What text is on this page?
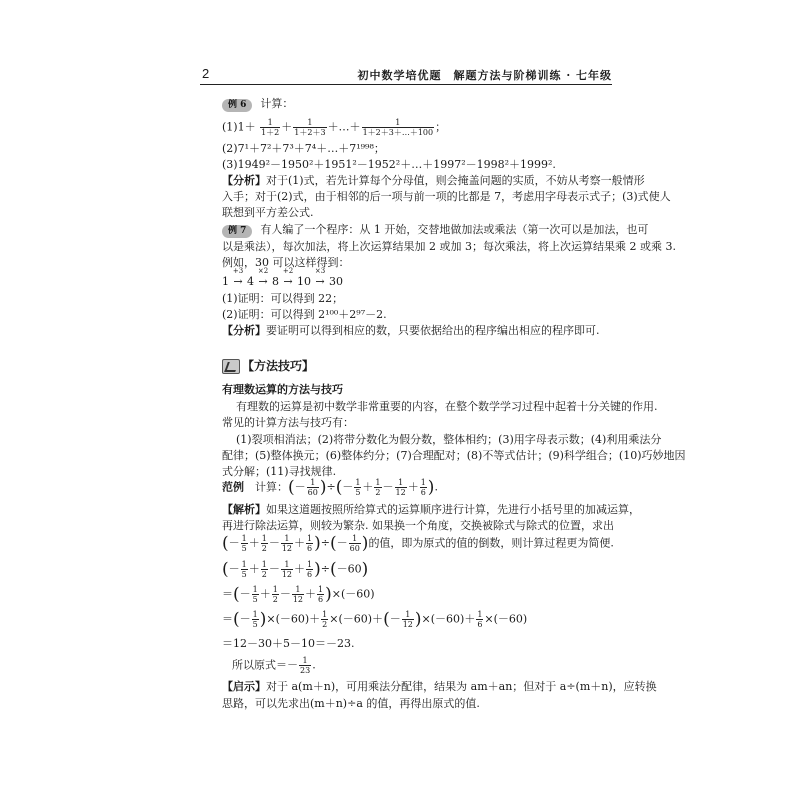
2	初中数学培优题　解题方法与阶梯训练 · 七年级
例 6 计算：
$(1)1+ \frac{1}{1+2} + \frac{1}{1+2+3}$ ＋…＋ $\frac{1}{1+2+3+\dots+100}$ ；
(2)7¹＋7²＋7³＋7⁴＋…＋7¹⁹⁹⁸；
(3)1949²－1950²＋1951²－1952²＋…＋1997²－1998²＋1999².
【分析】对于(1)式，若先计算每个分母值，则会掩盖问题的实质，不妨从考察一般情形
入手；对于(2)式，由于相邻的后一项与前一项的比都是 7，考虑用字母表示式子；(3)式使人
联想到平方差公式.
例 7 有人编了一个程序：从 1 开始，交替地做加法或乘法（第一次可以是加法，也可
以是乘法），每次加法，将上次运算结果加 2 或加 3；每次乘法，将上次运算结果乘 2 或乘 3.
例如，30 可以这样得到：
1 →
+3
4 →
×2
8 →
+2
10 →
×3
30
(1)证明：可以得到 22；
(2)证明：可以得到 2¹⁰⁰＋2⁹⁷－2.
【分析】要证明可以得到相应的数，只要依据给出的程序编出相应的程序即可.
【方法技巧】
有理数运算的方法与技巧
有理数的运算是初中数学非常重要的内容，在整个数学学习过程中起着十分关键的作用.
常见的计算方法与技巧有：
(1)裂项相消法；(2)将带分数化为假分数，整体相约；(3)用字母表示数；(4)利用乘法分
配律；(5)整体换元；(6)整体约分；(7)合理配对；(8)不等式估计；(9)科学组合；(10)巧妙地因
式分解；(11)寻找规律.
范例　 计算：(－ $\frac{1}{60}$ )÷(－ $\frac{1}{5} + \frac{1}{2} - \frac{1}{12} + \frac{1}{6}$ ).
【解析】如果这道题按照所给算式的运算顺序进行计算，先进行小括号里的加减运算，
再进行除法运算，则较为繁杂. 如果换一个角度，交换被除式与除式的位置，求出
(－ $\frac{1}{5} + \frac{1}{2} - \frac{1}{12} + \frac{1}{6}$ )÷(－ $\frac{1}{60}$ )的值，即为原式的值的倒数，则计算过程更为简便.
(－ $\frac{1}{5} + \frac{1}{2} - \frac{1}{12} + \frac{1}{6} )\div(-60)$
＝(－ $\frac{1}{5} + \frac{1}{2} - \frac{1}{12} + \frac{1}{6} )\times(-60)$
＝(－ $\frac{1}{5} )\times(-60)+ \frac{1}{2} \times(-60)+(- \frac{1}{12} )\times(-60)+ \frac{1}{6} \times(-60)$
＝12－30＋5－10＝－23.
所以原式＝－ $\frac{1}{23}$ .
【启示】对于 a(m＋n)，可用乘法分配律，结果为 am＋an；但对于 a÷(m＋n)，应转换
思路，可以先求出(m＋n)÷a 的值，再得出原式的值.
